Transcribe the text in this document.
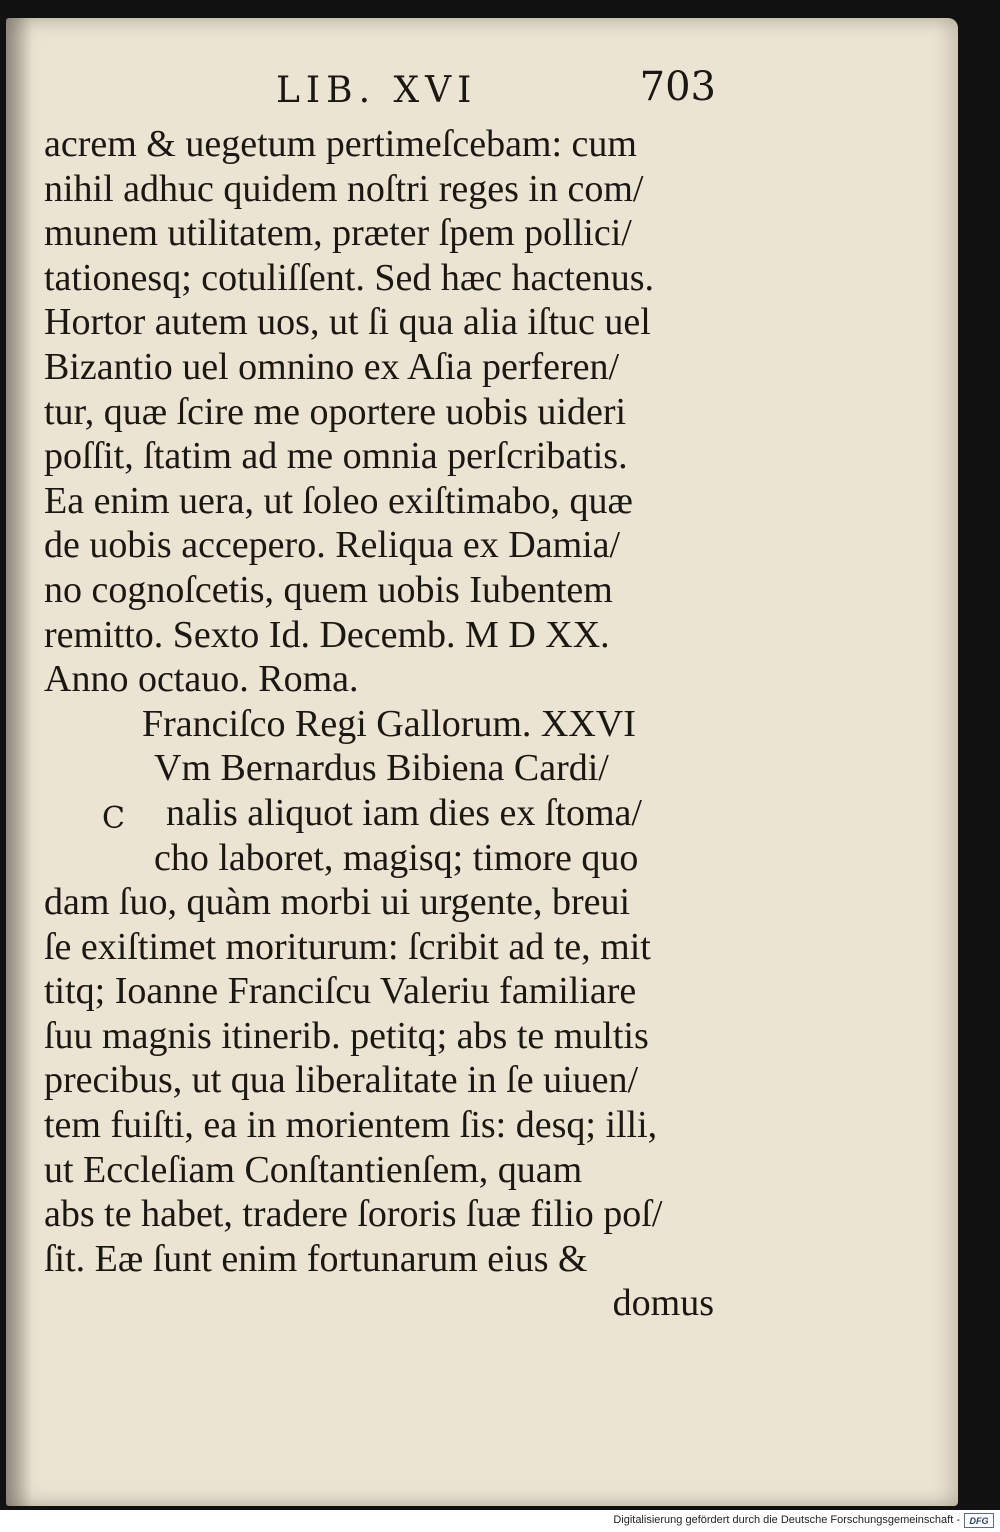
LIB. XVI	703
acrem & uegetum pertimeſcebam: cum
nihil adhuc quidem noſtri reges in com/
munem utilitatem, præter ſpem pollici/
tationesq; cotuliſſent. Sed hæc hactenus.
Hortor autem uos, ut ſi qua alia iſtuc uel
Bizantio uel omnino ex Aſia perferen/
tur, quæ ſcire me oportere uobis uideri
poſſit, ſtatim ad me omnia perſcribatis.
Ea enim uera, ut ſoleo exiſtimabo, quæ
de uobis accepero. Reliqua ex Damia/
no cognoſcetis, quem uobis Iubentem
remitto. Sexto Id. Decemb. M D XX.
Anno octauo. Roma.
Franciſco Regi Gallorum. XXVI
Vm Bernardus Bibiena Cardi/
C nalis aliquot iam dies ex ſtoma/
cho laboret, magisq; timore quo
dam ſuo, quàm morbi ui urgente, breui
ſe exiſtimet moriturum: ſcribit ad te, mit
titq; Ioanne Franciſcu Valeriu familiare
ſuu magnis itinerib. petitq; abs te multis
precibus, ut qua liberalitate in ſe uiuen/
tem fuiſti, ea in morientem ſis: desq; illi,
ut Eccleſiam Conſtantienſem, quam
abs te habet, tradere ſororis ſuæ filio poſ/
ſit. Eæ ſunt enim fortunarum eius &
domus
Digitalisierung gefördert durch die Deutsche Forschungsgemeinschaft -	DFG
